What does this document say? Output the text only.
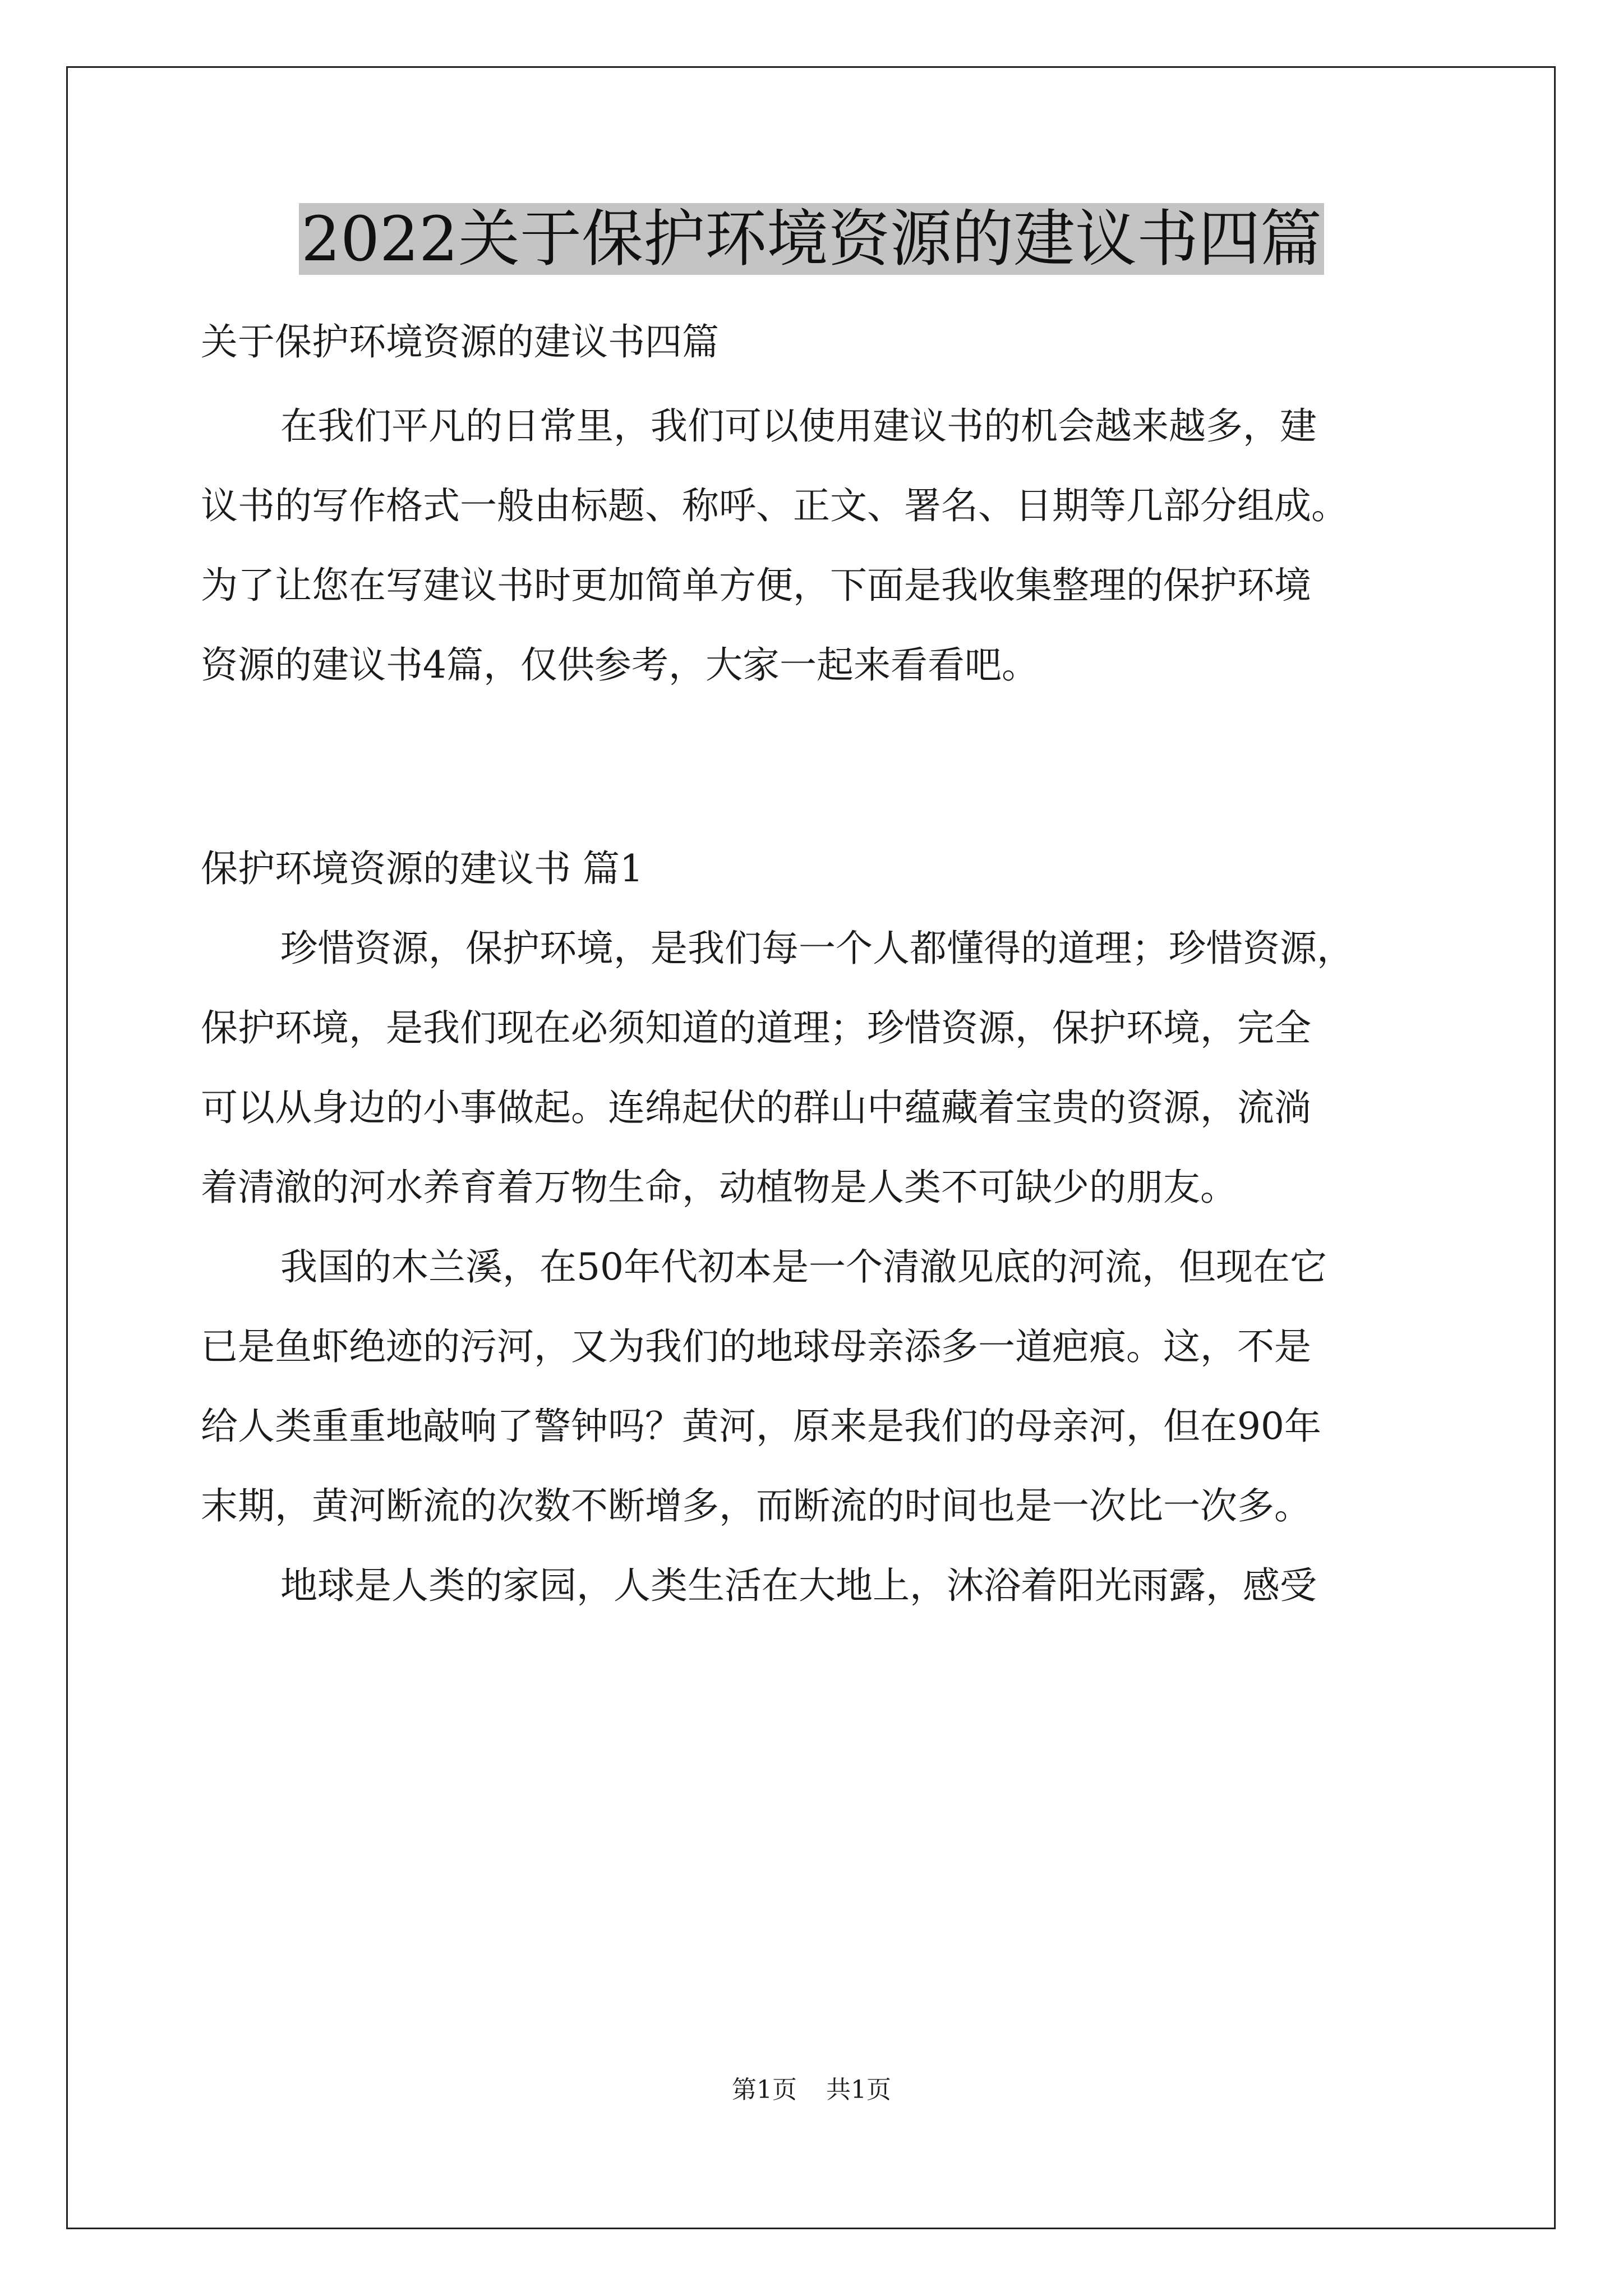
2022关于保护环境资源的建议书四篇

关于保护环境资源的建议书四篇

在我们平凡的日常里，我们可以使用建议书的机会越来越多，建

议书的写作格式一般由标题、称呼、正文、署名、日期等几部分组成。

为了让您在写建议书时更加简单方便，下面是我收集整理的保护环境

资源的建议书4篇，仅供参考，大家一起来看看吧。

保护环境资源的建议书 篇1

珍惜资源，保护环境，是我们每一个人都懂得的道理；珍惜资源，

保护环境，是我们现在必须知道的道理；珍惜资源，保护环境，完全

可以从身边的小事做起。连绵起伏的群山中蕴藏着宝贵的资源，流淌

着清澈的河水养育着万物生命，动植物是人类不可缺少的朋友。

我国的木兰溪，在50年代初本是一个清澈见底的河流，但现在它

已是鱼虾绝迹的污河，又为我们的地球母亲添多一道疤痕。这，不是

给人类重重地敲响了警钟吗？黄河，原来是我们的母亲河，但在90年

末期，黄河断流的次数不断增多，而断流的时间也是一次比一次多。

地球是人类的家园，人类生活在大地上，沐浴着阳光雨露，感受

第1页 共1页
